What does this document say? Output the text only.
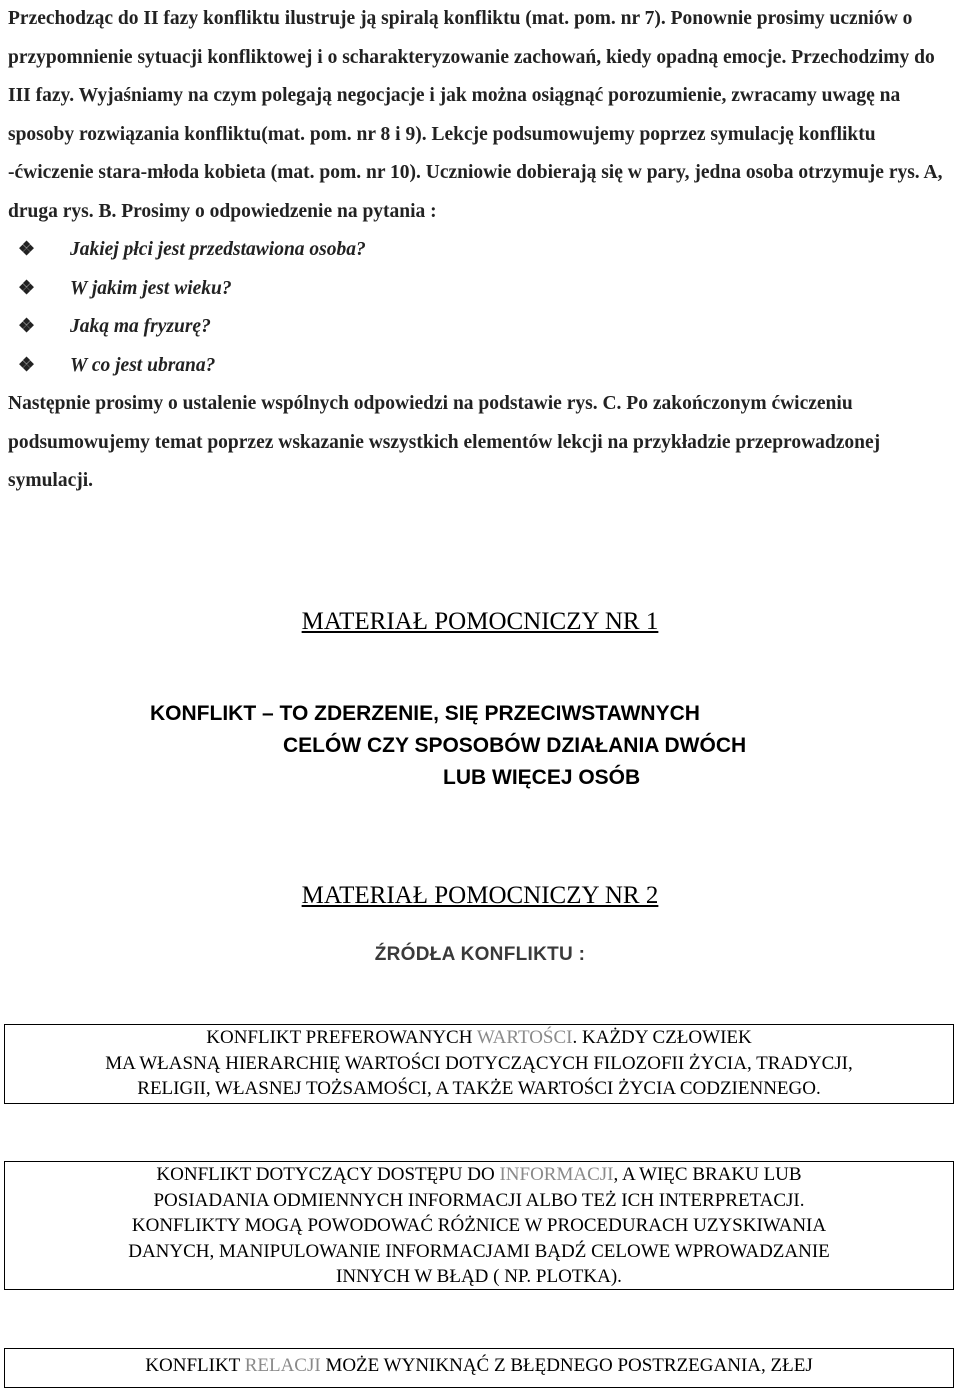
Przechodząc do II fazy konfliktu ilustruje ją spiralą konfliktu (mat. pom. nr 7). Ponownie prosimy uczniów o przypomnienie sytuacji konfliktowej i o scharakteryzowanie zachowań, kiedy opadną emocje. Przechodzimy do III fazy. Wyjaśniamy na czym polegają negocjacje i jak można osiągnąć porozumienie, zwracamy uwagę na sposoby rozwiązania konfliktu(mat. pom. nr 8 i 9). Lekcje podsumowujemy poprzez symulację konfliktu -ćwiczenie stara-młoda kobieta (mat. pom. nr 10). Uczniowie dobierają się w pary, jedna osoba otrzymuje rys. A, druga rys. B. Prosimy o odpowiedzenie na pytania :

❖	Jakiej płci jest przedstawiona osoba?
❖	W jakim jest wieku?
❖	Jaką ma fryzurę?
❖	W co jest ubrana?

Następnie prosimy o ustalenie wspólnych odpowiedzi na podstawie rys. C. Po zakończonym ćwiczeniu podsumowujemy temat poprzez wskazanie wszystkich elementów lekcji na przykładzie przeprowadzonej symulacji.

MATERIAŁ POMOCNICZY NR 1
KONFLIKT – TO ZDERZENIE, SIĘ PRZECIWSTAWNYCH
CELÓW CZY SPOSOBÓW DZIAŁANIA DWÓCH
LUB WIĘCEJ OSÓB
MATERIAŁ POMOCNICZY NR 2
ŹRÓDŁA KONFLIKTU :
KONFLIKT PREFEROWANYCH WARTOŚCI. KAŻDY CZŁOWIEK
MA WŁASNĄ HIERARCHIĘ WARTOŚCI DOTYCZĄCYCH FILOZOFII ŻYCIA, TRADYCJI,
RELIGII, WŁASNEJ TOŻSAMOŚCI, A TAKŻE WARTOŚCI ŻYCIA CODZIENNEGO.
KONFLIKT DOTYCZĄCY DOSTĘPU DO INFORMACJI, A WIĘC BRAKU LUB
POSIADANIA ODMIENNYCH INFORMACJI ALBO TEŻ ICH INTERPRETACJI.
KONFLIKTY MOGĄ POWODOWAĆ RÓŻNICE W PROCEDURACH UZYSKIWANIA
DANYCH, MANIPULOWANIE INFORMACJAMI BĄDŹ CELOWE WPROWADZANIE
INNYCH W BŁĄD ( NP. PLOTKA).
KONFLIKT RELACJI MOŻE WYNIKNĄĆ Z BŁĘDNEGO POSTRZEGANIA, ZŁEJ
